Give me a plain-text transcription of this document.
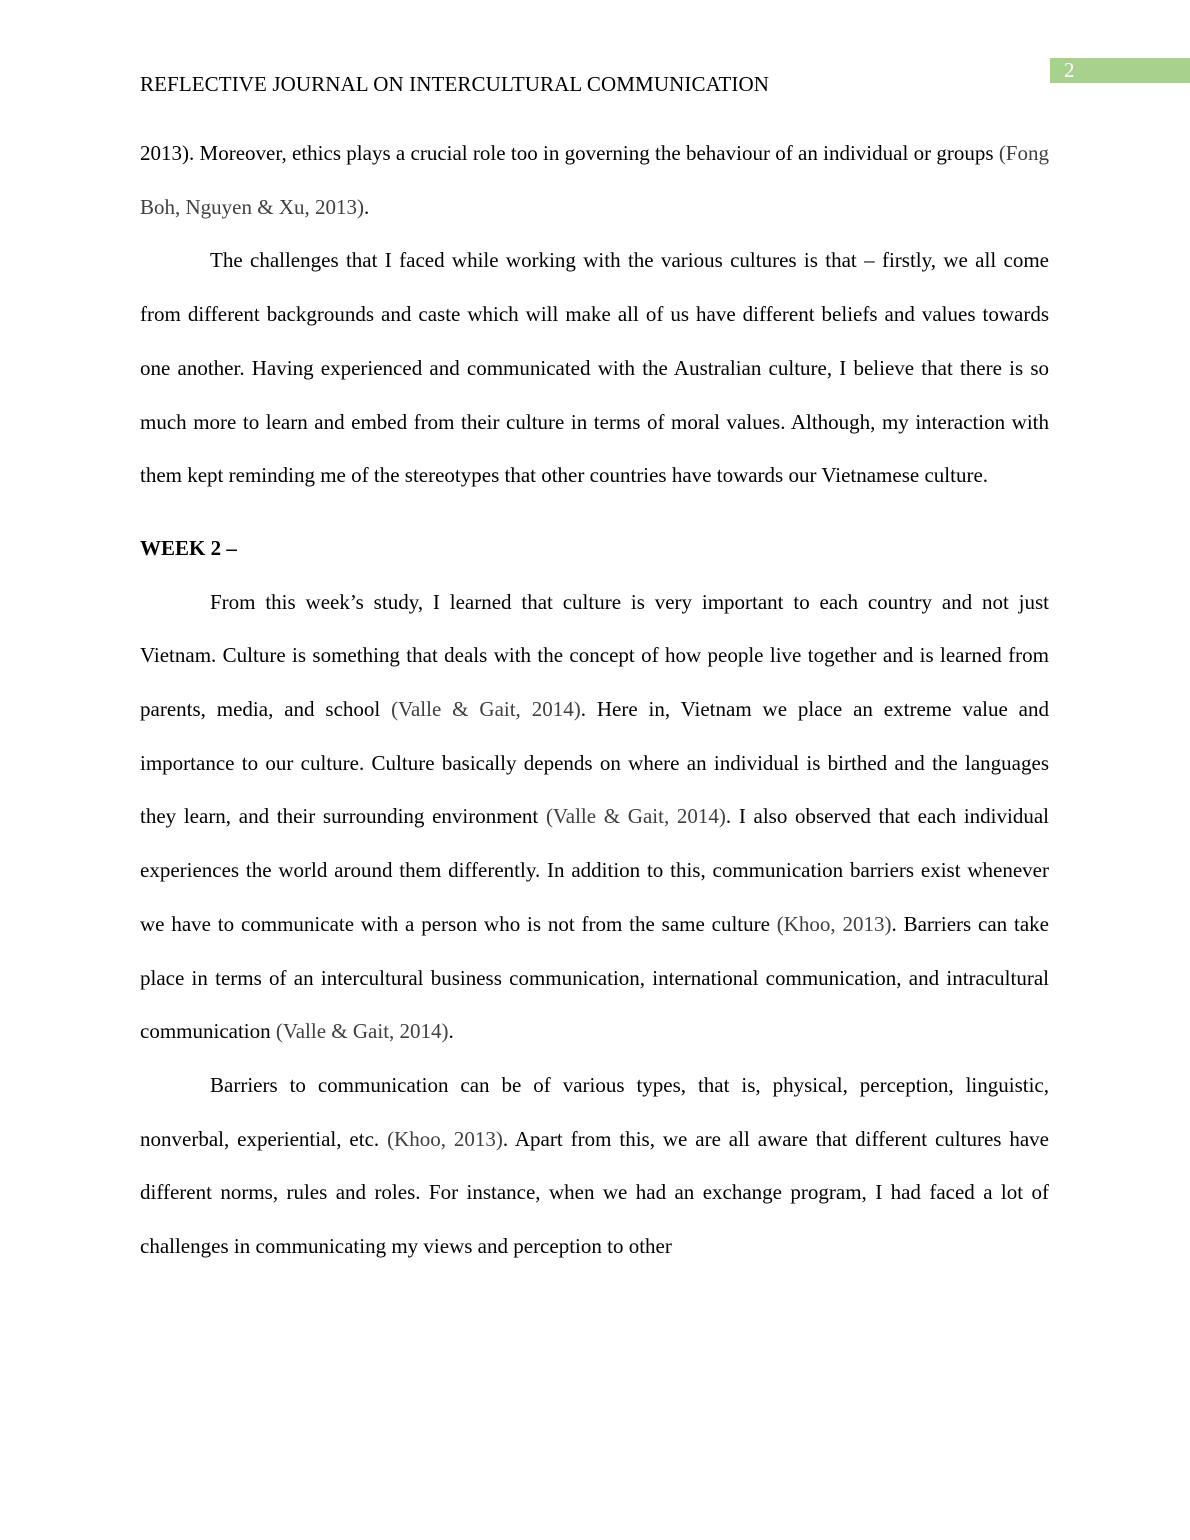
2
REFLECTIVE JOURNAL ON INTERCULTURAL COMMUNICATION

2013). Moreover, ethics plays a crucial role too in governing the behaviour of an individual or groups (Fong Boh, Nguyen & Xu, 2013).

The challenges that I faced while working with the various cultures is that – firstly, we all come from different backgrounds and caste which will make all of us have different beliefs and values towards one another. Having experienced and communicated with the Australian culture, I believe that there is so much more to learn and embed from their culture in terms of moral values. Although, my interaction with them kept reminding me of the stereotypes that other countries have towards our Vietnamese culture.

WEEK 2 –

From this week’s study, I learned that culture is very important to each country and not just Vietnam. Culture is something that deals with the concept of how people live together and is learned from parents, media, and school (Valle & Gait, 2014). Here in, Vietnam we place an extreme value and importance to our culture. Culture basically depends on where an individual is birthed and the languages they learn, and their surrounding environment (Valle & Gait, 2014). I also observed that each individual experiences the world around them differently. In addition to this, communication barriers exist whenever we have to communicate with a person who is not from the same culture (Khoo, 2013). Barriers can take place in terms of an intercultural business communication, international communication, and intracultural communication (Valle & Gait, 2014).

Barriers to communication can be of various types, that is, physical, perception, linguistic, nonverbal, experiential, etc. (Khoo, 2013). Apart from this, we are all aware that different cultures have different norms, rules and roles. For instance, when we had an exchange program, I had faced a lot of challenges in communicating my views and perception to other
